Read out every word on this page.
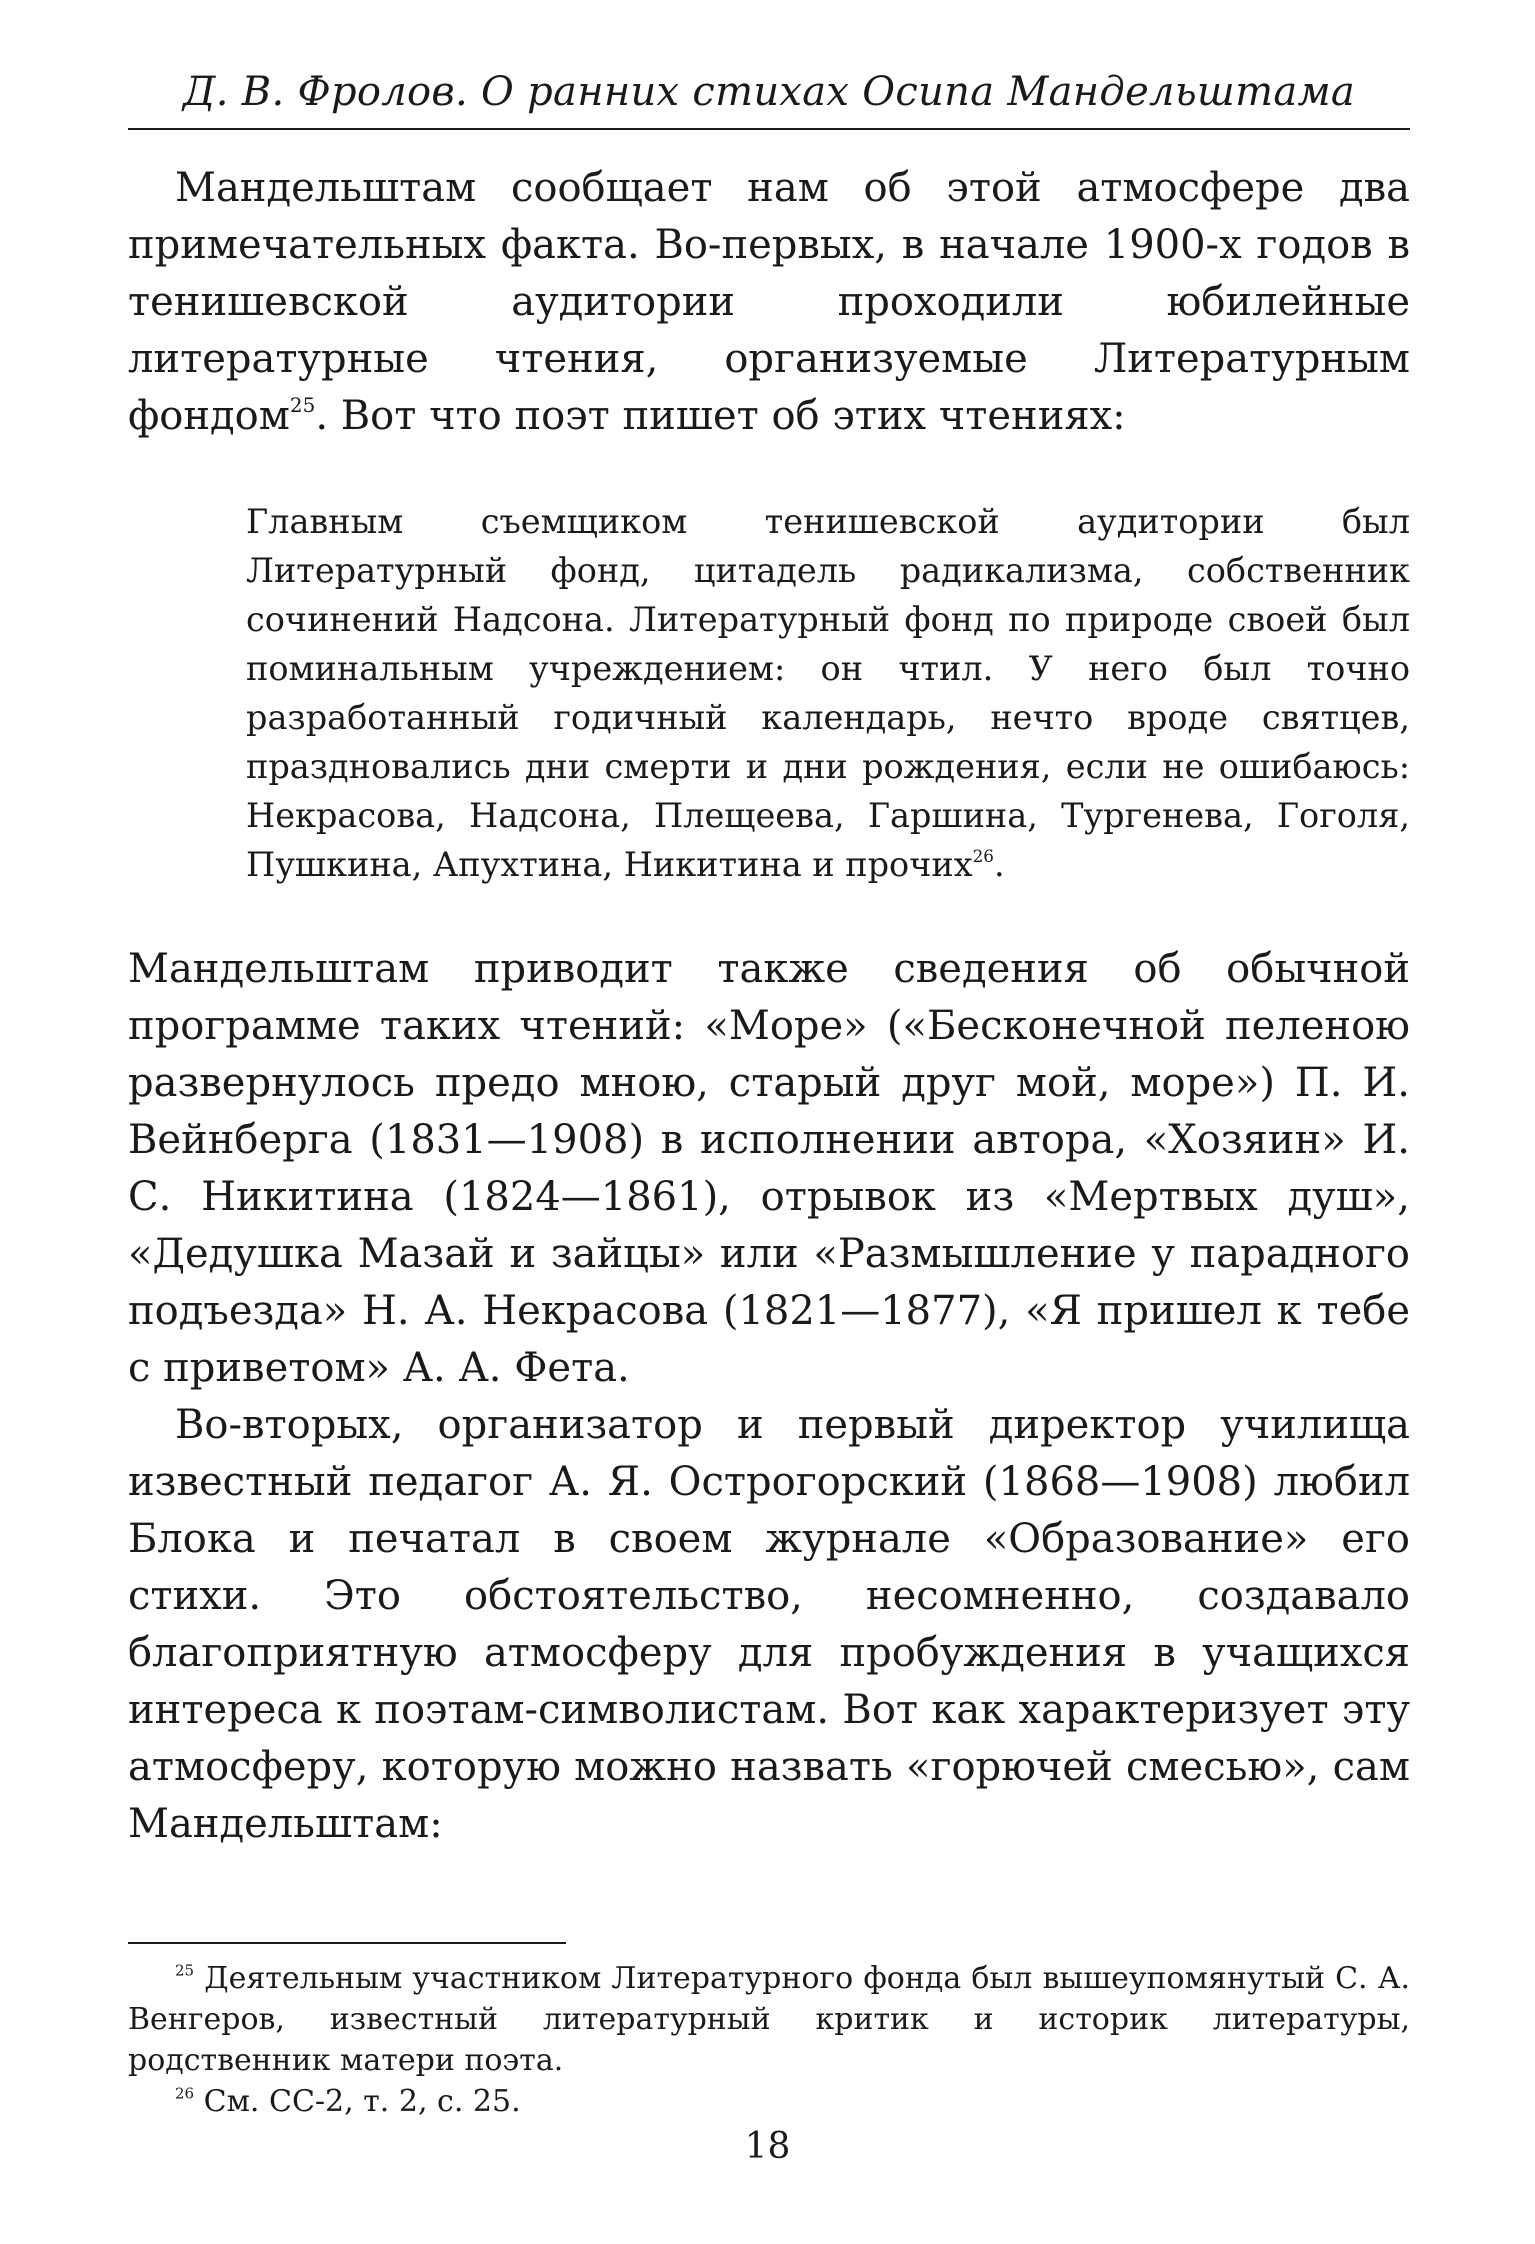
Д. В. Фролов. О ранних стихах Осипа Мандельштама

Мандельштам сообщает нам об этой атмосфере два примечательных факта. Во-первых, в начале 1900-х годов в тенишевской аудитории проходили юбилейные литературные чтения, организуемые Литературным фондом$^{25}$. Вот что поэт пишет об этих чтениях:

Главным съемщиком тенишевской аудитории был Литературный фонд, цитадель радикализма, собственник сочинений Надсона. Литературный фонд по природе своей был поминальным учреждением: он чтил. У него был точно разработанный годичный календарь, нечто вроде святцев, праздновались дни смерти и дни рождения, если не ошибаюсь: Некрасова, Надсона, Плещеева, Гаршина, Тургенева, Гоголя, Пушкина, Апухтина, Никитина и прочих$^{26}$.

Мандельштам приводит также сведения об обычной программе таких чтений: «Море» («Бесконечной пеленою развернулось предо мною, старый друг мой, море») П. И. Вейнберга (1831—1908) в исполнении автора, «Хозяин» И. С. Никитина (1824—1861), отрывок из «Мертвых душ», «Дедушка Мазай и зайцы» или «Размышление у парадного подъезда» Н. А. Некрасова (1821—1877), «Я пришел к тебе с приветом» А. А. Фета.

Во-вторых, организатор и первый директор училища известный педагог А. Я. Острогорский (1868—1908) любил Блока и печатал в своем журнале «Образование» его стихи. Это обстоятельство, несомненно, создавало благоприятную атмосферу для пробуждения в учащихся интереса к поэтам-символистам. Вот как характеризует эту атмосферу, которую можно назвать «горючей смесью», сам Мандельштам:

$^{25}$ Деятельным участником Литературного фонда был вышеупомянутый С. А. Венгеров, известный литературный критик и историк литературы, родственник матери поэта.

$^{26}$ См. СС-2, т. 2, с. 25.

18
